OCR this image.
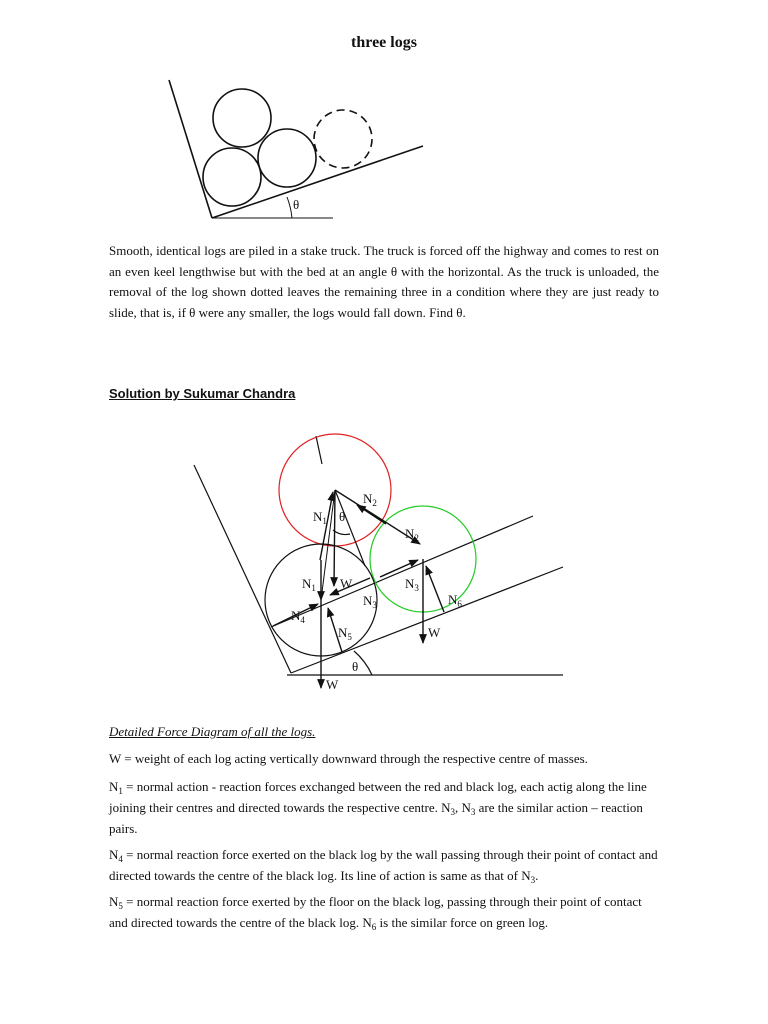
three logs
θ
$N_1$ θ
$N_2$
$N_2$
$N_1$ W	$N_3$
$N_3$	$N_6$
$N_4$
$N_5$	W
θ
W
Smooth, identical logs are piled in a stake truck. The truck is forced off the highway and comes to rest on an even keel lengthwise but with the bed at an angle θ with the horizontal. As the truck is unloaded, the removal of the log shown dotted leaves the remaining three in a condition where they are just ready to slide, that is, if θ were any smaller, the logs would fall down. Find θ.
Solution by Sukumar Chandra
Detailed Force Diagram of all the logs.
W = weight of each log acting vertically downward through the respective centre of masses.
$N_1$ = normal action - reaction forces exchanged between the red and black log, each actig along the line joining their centres and directed towards the respective centre. $N_3$, $N_3$ are the similar action – reaction pairs.
$N_4$ = normal reaction force exerted on the black log by the wall passing through their point of contact and directed towards the centre of the black log. Its line of action is same as that of $N_3$.
$N_5$ = normal reaction force exerted by the floor on the black log, passing through their point of contact and directed towards the centre of the black log. $N_6$ is the similar force on green log.
